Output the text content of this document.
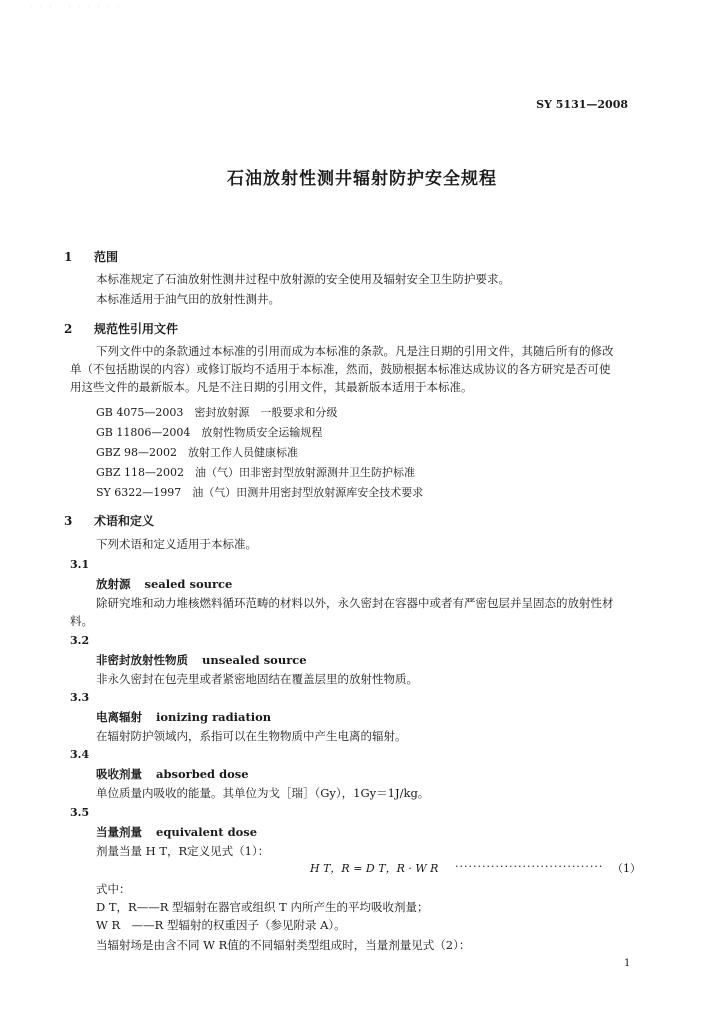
· · ·　 · · · · · ·
SY 5131—2008
石油放射性测井辐射防护安全规程
1 范围
本标准规定了石油放射性测井过程中放射源的安全使用及辐射安全卫生防护要求。
本标准适用于油气田的放射性测井。
2 规范性引用文件
下列文件中的条款通过本标准的引用而成为本标准的条款。凡是注日期的引用文件，其随后所有的修改单（不包括勘误的内容）或修订版均不适用于本标准，然而，鼓励根据本标准达成协议的各方研究是否可使用这些文件的最新版本。凡是不注日期的引用文件，其最新版本适用于本标准。
GB 4075—2003　密封放射源　一般要求和分级
GB 11806—2004　放射性物质安全运输规程
GBZ 98—2002　放射工作人员健康标准
GBZ 118—2002　油（气）田非密封型放射源测井卫生防护标准
SY 6322—1997　油（气）田测井用密封型放射源库安全技术要求
3 术语和定义
下列术语和定义适用于本标准。
3.1
放射源 sealed source
除研究堆和动力堆核燃料循环范畴的材料以外，永久密封在容器中或者有严密包层并呈固态的放射性材料。
3.2
非密封放射性物质 unsealed source
非永久密封在包壳里或者紧密地固结在覆盖层里的放射性物质。
3.3
电离辐射 ionizing radiation
在辐射防护领域内，系指可以在生物物质中产生电离的辐射。
3.4
吸收剂量 absorbed dose
单位质量内吸收的能量。其单位为戈［瑞］（Gy），1Gy＝1J/kg。
3.5
当量剂量 equivalent dose
剂量当量 H T，R定义见式（1）：
H T，R = D T，R · W R ································· （1）
式中：
D T，R——R 型辐射在器官或组织 T 内所产生的平均吸收剂量；
W R　——R 型辐射的权重因子（参见附录 A）。
当辐射场是由含不同 W R值的不同辐射类型组成时，当量剂量见式（2）：
1
